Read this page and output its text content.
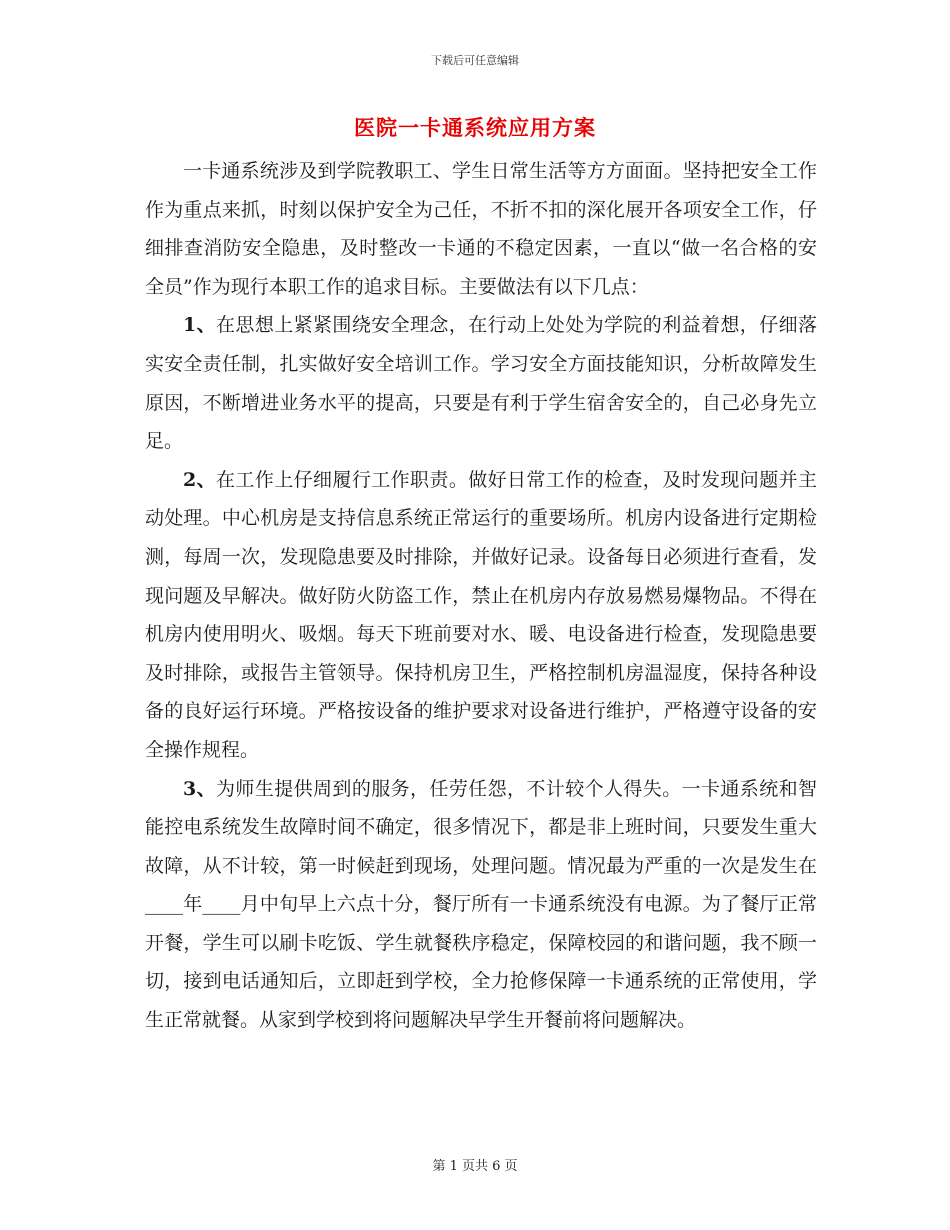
下载后可任意编辑
医院一卡通系统应用方案

一卡通系统涉及到学院教职工、学生日常生活等方方面面。坚持把安全工作作为重点来抓，时刻以保护安全为己任，不折不扣的深化展开各项安全工作，仔细排查消防安全隐患，及时整改一卡通的不稳定因素，一直以“做一名合格的安全员”作为现行本职工作的追求目标。主要做法有以下几点：

1、在思想上紧紧围绕安全理念，在行动上处处为学院的利益着想，仔细落实安全责任制，扎实做好安全培训工作。学习安全方面技能知识，分析故障发生原因，不断增进业务水平的提高，只要是有利于学生宿舍安全的，自己必身先立足。

2、在工作上仔细履行工作职责。做好日常工作的检查，及时发现问题并主动处理。中心机房是支持信息系统正常运行的重要场所。机房内设备进行定期检测，每周一次，发现隐患要及时排除，并做好记录。设备每日必须进行查看，发现问题及早解决。做好防火防盗工作，禁止在机房内存放易燃易爆物品。不得在机房内使用明火、吸烟。每天下班前要对水、暖、电设备进行检查，发现隐患要及时排除，或报告主管领导。保持机房卫生，严格控制机房温湿度，保持各种设备的良好运行环境。严格按设备的维护要求对设备进行维护，严格遵守设备的安全操作规程。

3、为师生提供周到的服务，任劳任怨，不计较个人得失。一卡通系统和智能控电系统发生故障时间不确定，很多情况下，都是非上班时间，只要发生重大故障，从不计较，第一时候赶到现场，处理问题。情况最为严重的一次是发生在____年____月中旬早上六点十分，餐厅所有一卡通系统没有电源。为了餐厅正常开餐，学生可以刷卡吃饭、学生就餐秩序稳定，保障校园的和谐问题，我不顾一切，接到电话通知后，立即赶到学校，全力抢修保障一卡通系统的正常使用，学生正常就餐。从家到学校到将问题解决早学生开餐前将问题解决。

第 1 页共 6 页
